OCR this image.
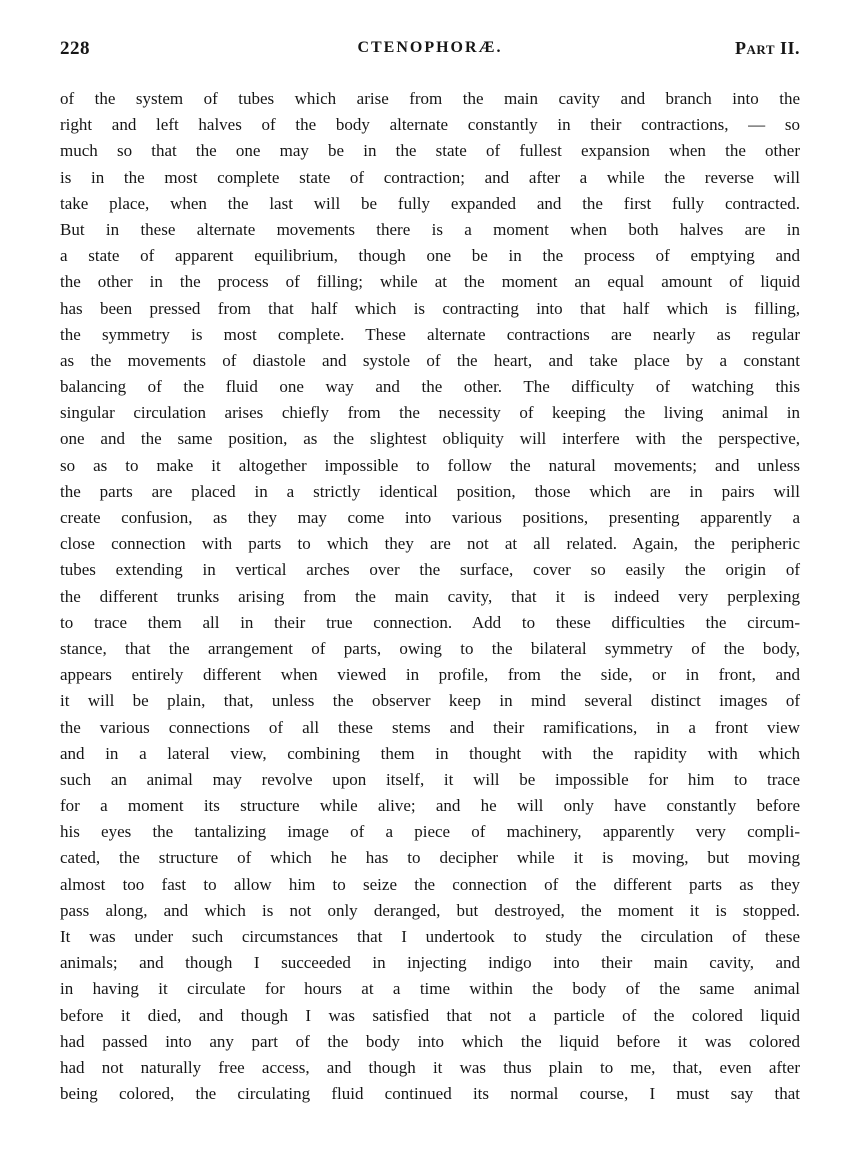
228	CTENOPHORÆ.	Part II.
of the system of tubes which arise from the main cavity and branch into the
right and left halves of the body alternate constantly in their contractions, — so
much so that the one may be in the state of fullest expansion when the other
is in the most complete state of contraction; and after a while the reverse will
take place, when the last will be fully expanded and the first fully contracted.
But in these alternate movements there is a moment when both halves are in
a state of apparent equilibrium, though one be in the process of emptying and
the other in the process of filling; while at the moment an equal amount of liquid
has been pressed from that half which is contracting into that half which is filling,
the symmetry is most complete. These alternate contractions are nearly as regular
as the movements of diastole and systole of the heart, and take place by a constant
balancing of the fluid one way and the other. The difficulty of watching this
singular circulation arises chiefly from the necessity of keeping the living animal in
one and the same position, as the slightest obliquity will interfere with the perspective,
so as to make it altogether impossible to follow the natural movements; and unless
the parts are placed in a strictly identical position, those which are in pairs will
create confusion, as they may come into various positions, presenting apparently a
close connection with parts to which they are not at all related. Again, the peripheric
tubes extending in vertical arches over the surface, cover so easily the origin of
the different trunks arising from the main cavity, that it is indeed very perplexing
to trace them all in their true connection. Add to these difficulties the circum-
stance, that the arrangement of parts, owing to the bilateral symmetry of the body,
appears entirely different when viewed in profile, from the side, or in front, and
it will be plain, that, unless the observer keep in mind several distinct images of
the various connections of all these stems and their ramifications, in a front view
and in a lateral view, combining them in thought with the rapidity with which
such an animal may revolve upon itself, it will be impossible for him to trace
for a moment its structure while alive; and he will only have constantly before
his eyes the tantalizing image of a piece of machinery, apparently very compli-
cated, the structure of which he has to decipher while it is moving, but moving
almost too fast to allow him to seize the connection of the different parts as they
pass along, and which is not only deranged, but destroyed, the moment it is stopped.
It was under such circumstances that I undertook to study the circulation of these
animals; and though I succeeded in injecting indigo into their main cavity, and
in having it circulate for hours at a time within the body of the same animal
before it died, and though I was satisfied that not a particle of the colored liquid
had passed into any part of the body into which the liquid before it was colored
had not naturally free access, and though it was thus plain to me, that, even after
being colored, the circulating fluid continued its normal course, I must say that
